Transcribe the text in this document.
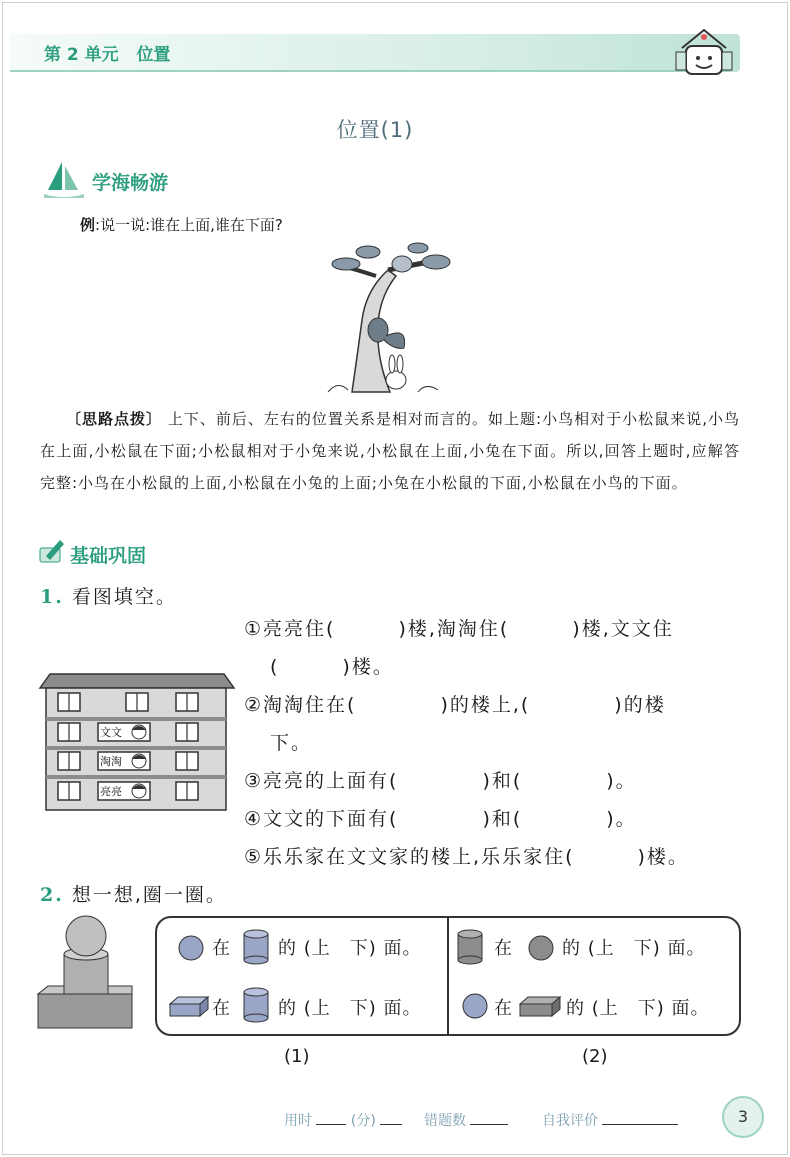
第 2 单元 位置
位置(1)
学海畅游
例:说一说:谁在上面,谁在下面?
〔思路点拨〕 上下、前后、左右的位置关系是相对而言的。如上题:小鸟相对于小松鼠来说,小鸟在上面,小松鼠在下面;小松鼠相对于小兔来说,小松鼠在上面,小兔在下面。所以,回答上题时,应解答完整:小鸟在小松鼠的上面,小松鼠在小兔的上面;小兔在小松鼠的下面,小松鼠在小鸟的下面。
基础巩固
1. 看图填空。
文文
淘淘
亮亮
①亮亮住(　　　)楼,淘淘住(　　　)楼,文文住
(　　　)楼。
②淘淘住在(　　　　)的楼上,(　　　　)的楼
下。
③亮亮的上面有(　　　　)和(　　　　)。
④文文的下面有(　　　　)和(　　　　)。
⑤乐乐家在文文家的楼上,乐乐家住(　　　)楼。
2. 想一想,圈一圈。
在	的 (上　下) 面。
在	的 (上　下) 面。
在	的 (上　下) 面。
在	的 (上　下) 面。
(1)	(2)
用时	(分)	错题数	自我评价	3
